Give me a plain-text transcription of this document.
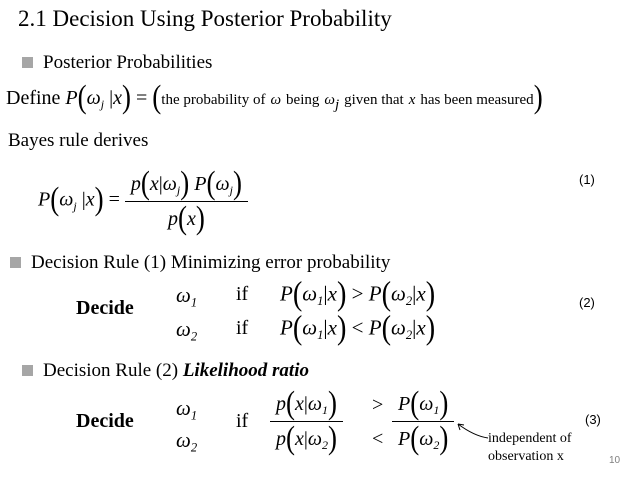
2.1 Decision Using Posterior Probability
Posterior Probabilities
Define $P(\omega_j$ |x) = (the probability of ω being $\omega_j$ given that x has been measured)
Bayes rule derives
$P(\omega_j$ $|x) = \frac{p(x|\omega_j) P(\omega_j)}{p(x)}$	(1)
Decision Rule (1) Minimizing error probability
Decide
$\omega_1$
$\omega_2$
if
if
$P(\omega_1|x) > P(\omega_2|x)$
$P(\omega_1|x) < P(\omega_2|x)$
(2)
Decision Rule (2) Likelihood ratio
Decide
$\omega_1$
$\omega_2$
if $\frac{p(x|\omega_1)}{p(x|\omega_2)}$ >
< $\frac{P(\omega_1)}{P(\omega_2)}$ independent of observation x
(3)
10
